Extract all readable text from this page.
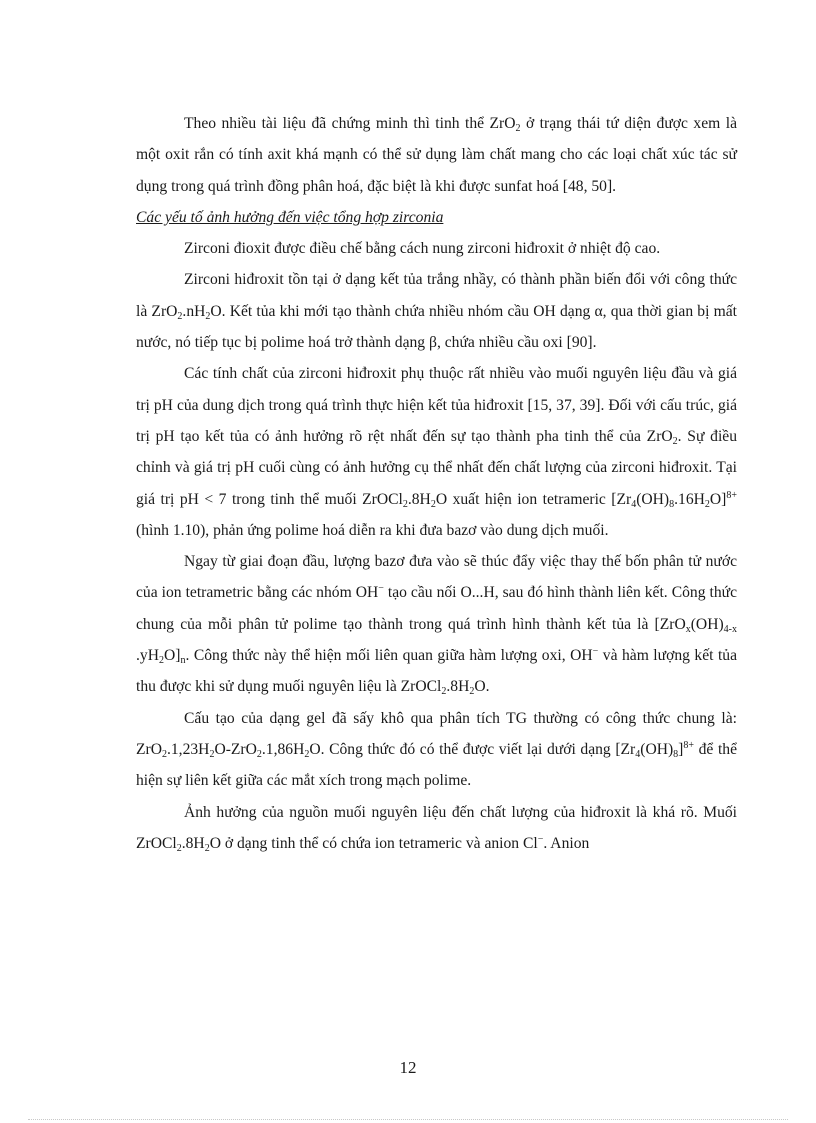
Theo nhiều tài liệu đã chứng minh thì tinh thể ZrO$_2$ ở trạng thái tứ diện được xem là một oxit rắn có tính axit khá mạnh có thể sử dụng làm chất mang cho các loại chất xúc tác sử dụng trong quá trình đồng phân hoá, đặc biệt là khi được sunfat hoá [48, 50].

Các yếu tố ảnh hưởng đến việc tổng hợp zirconia

Zirconi đioxit được điều chế bằng cách nung zirconi hiđroxit ở nhiệt độ cao.

Zirconi hiđroxit tồn tại ở dạng kết tủa trắng nhầy, có thành phần biến đổi với công thức là $ZrO_2.nH_2O$. Kết tủa khi mới tạo thành chứa nhiều nhóm cầu OH dạng α, qua thời gian bị mất nước, nó tiếp tục bị polime hoá trở thành dạng β, chứa nhiều cầu oxi [90].

Các tính chất của zirconi hiđroxit phụ thuộc rất nhiều vào muối nguyên liệu đầu và giá trị pH của dung dịch trong quá trình thực hiện kết tủa hiđroxit [15, 37, 39]. Đối với cấu trúc, giá trị pH tạo kết tủa có ảnh hưởng rõ rệt nhất đến sự tạo thành pha tinh thể của ZrO$_2$. Sự điều chỉnh và giá trị pH cuối cùng có ảnh hưởng cụ thể nhất đến chất lượng của zirconi hiđroxit. Tại giá trị pH < 7 trong tinh thể muối $ZrOCl_2.8H_2O$ xuất hiện ion tetrameric $[Zr_4(OH)_8.16H_2O]^{8+}$ (hình 1.10), phản ứng polime hoá diễn ra khi đưa bazơ vào dung dịch muối.

Ngay từ giai đoạn đầu, lượng bazơ đưa vào sẽ thúc đẩy việc thay thế bốn phân tử nước của ion tetrametric bằng các nhóm OH− tạo cầu nối O...H, sau đó hình thành liên kết. Công thức chung của mỗi phân tử polime tạo thành trong quá trình hình thành kết tủa là [$ZrO_x(OH)_{4-x}$ $.yH_2O]_n$. Công thức này thể hiện mối liên quan giữa hàm lượng oxi, OH− và hàm lượng kết tủa thu được khi sử dụng muối nguyên liệu là $ZrOCl_2.8H_2O$.

Cấu tạo của dạng gel đã sấy khô qua phân tích TG thường có công thức chung là: $ZrO_2.1,23H_2O-ZrO_2.1,86H_2O$. Công thức đó có thể được viết lại dưới dạng $[Zr_4(OH)_8]^{8+}$ để thể hiện sự liên kết giữa các mắt xích trong mạch polime.

Ảnh hưởng của nguồn muối nguyên liệu đến chất lượng của hiđroxit là khá rõ. Muối $ZrOCl_2.8H_2O$ ở dạng tinh thể có chứa ion tetrameric và anion Cl−. Anion

12
